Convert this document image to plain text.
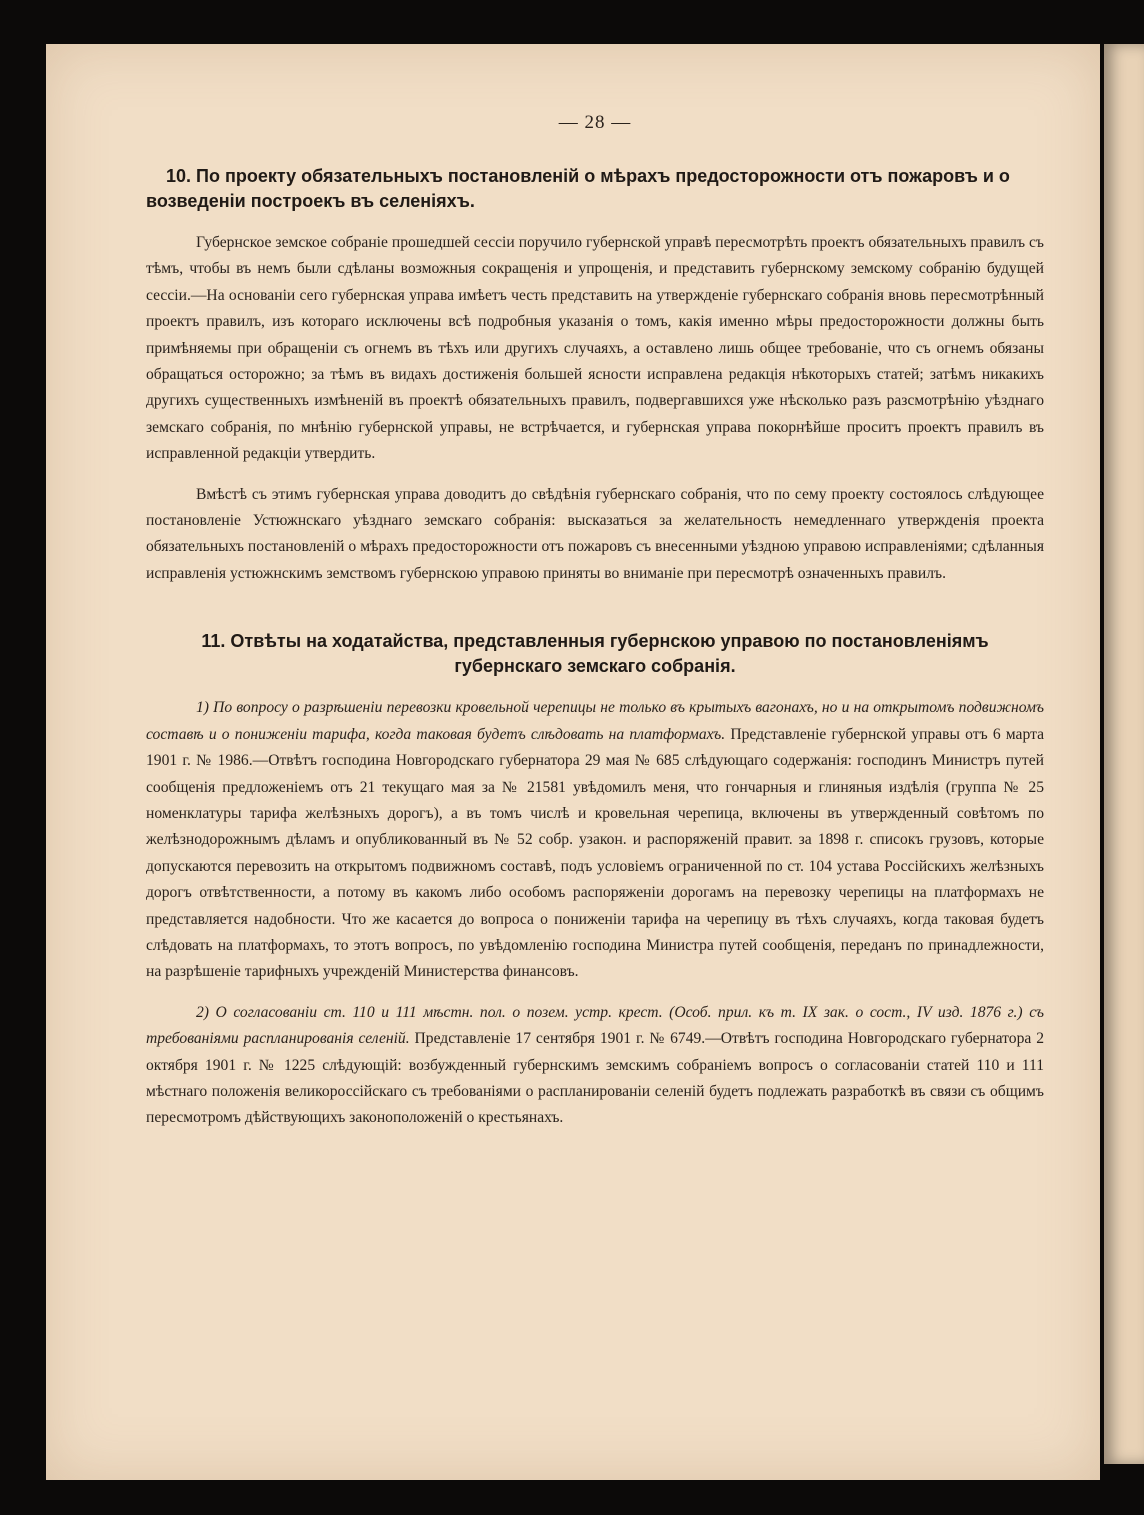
— 28 —
10. По проекту обязательныхъ постановленій о мѣрахъ предосторожности отъ пожаровъ и о возведеніи построекъ въ селеніяхъ.

Губернское земское собраніе прошедшей сессіи поручило губернской управѣ пересмотрѣть проектъ обязательныхъ правилъ съ тѣмъ, чтобы въ немъ были сдѣланы возможныя сокращенія и упрощенія, и представить губернскому земскому собранію будущей сессіи.—На основаніи сего губернская управа имѣетъ честь представить на утвержденіе губернскаго собранія вновь пересмотрѣнный проектъ правилъ, изъ котораго исключены всѣ подробныя указанія о томъ, какія именно мѣры предосторожности должны быть примѣняемы при обращеніи съ огнемъ въ тѣхъ или другихъ случаяхъ, а оставлено лишь общее требованіе, что съ огнемъ обязаны обращаться осторожно; за тѣмъ въ видахъ достиженія большей ясности исправлена редакція нѣкоторыхъ статей; затѣмъ никакихъ другихъ существенныхъ измѣненій въ проектѣ обязательныхъ правилъ, подвергавшихся уже нѣсколько разъ разсмотрѣнію уѣзднаго земскаго собранія, по мнѣнію губернской управы, не встрѣчается, и губернская управа покорнѣйше проситъ проектъ правилъ въ исправленной редакціи утвердить.

Вмѣстѣ съ этимъ губернская управа доводитъ до свѣдѣнія губернскаго собранія, что по сему проекту состоялось слѣдующее постановленіе Устюжнскаго уѣзднаго земскаго собранія: высказаться за желательность немедленнаго утвержденія проекта обязательныхъ постановленій о мѣрахъ предосторожности отъ пожаровъ съ внесенными уѣздною управою исправленіями; сдѣланныя исправленія устюжнскимъ земствомъ губернскою управою приняты во вниманіе при пересмотрѣ означенныхъ правилъ.

11. Отвѣты на ходатайства, представленныя губернскою управою по постановленіямъ губернскаго земскаго собранія.

1) По вопросу о разрѣшеніи перевозки кровельной черепицы не только въ крытыхъ вагонахъ, но и на открытомъ подвижномъ составѣ и о пониженіи тарифа, когда таковая будетъ слѣдовать на платформахъ. Представленіе губернской управы отъ 6 марта 1901 г. № 1986.—Отвѣтъ господина Новгородскаго губернатора 29 мая № 685 слѣдующаго содержанія: господинъ Министръ путей сообщенія предложеніемъ отъ 21 текущаго мая за № 21581 увѣдомилъ меня, что гончарныя и глиняныя издѣлія (группа № 25 номенклатуры тарифа желѣзныхъ дорогъ), а въ томъ числѣ и кровельная черепица, включены въ утвержденный совѣтомъ по желѣзнодорожнымъ дѣламъ и опубликованный въ № 52 собр. узакон. и распоряженій правит. за 1898 г. списокъ грузовъ, которые допускаются перевозить на открытомъ подвижномъ составѣ, подъ условіемъ ограниченной по ст. 104 устава Россійскихъ желѣзныхъ дорогъ отвѣтственности, а потому въ какомъ либо особомъ распоряженіи дорогамъ на перевозку черепицы на платформахъ не представляется надобности. Что же касается до вопроса о пониженіи тарифа на черепицу въ тѣхъ случаяхъ, когда таковая будетъ слѣдовать на платформахъ, то этотъ вопросъ, по увѣдомленію господина Министра путей сообщенія, переданъ по принадлежности, на разрѣшеніе тарифныхъ учрежденій Министерства финансовъ.

2) О согласованіи ст. 110 и 111 мѣстн. пол. о позем. устр. крест. (Особ. прил. къ т. IX зак. о сост., IV изд. 1876 г.) съ требованіями распланированія селеній. Представленіе 17 сентября 1901 г. № 6749.—Отвѣтъ господина Новгородскаго губернатора 2 октября 1901 г. № 1225 слѣдующій: возбужденный губернскимъ земскимъ собраніемъ вопросъ о согласованіи статей 110 и 111 мѣстнаго положенія великороссійскаго съ требованіями о распланированіи селеній будетъ подлежать разработкѣ въ связи съ общимъ пересмотромъ дѣйствующихъ законоположеній о крестьянахъ.
